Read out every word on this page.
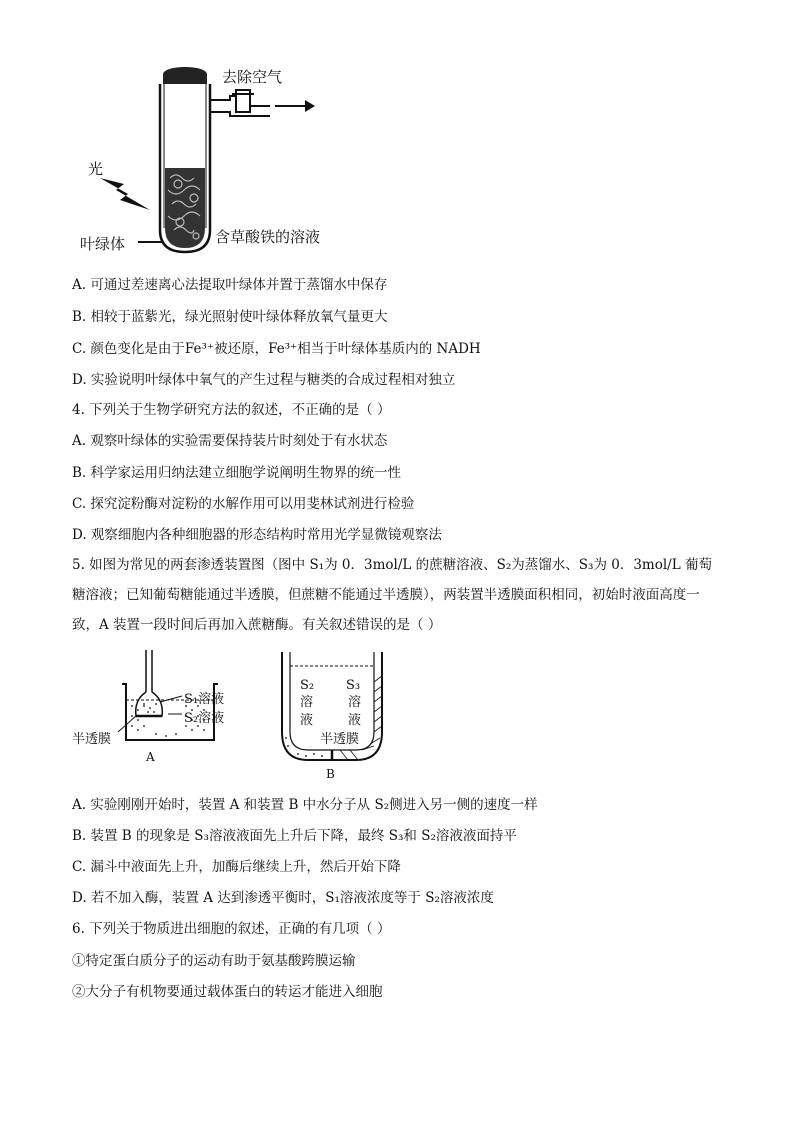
去除空气
光
叶绿体	含草酸铁的溶液
A. 可通过差速离心法提取叶绿体并置于蒸馏水中保存
B. 相较于蓝紫光，绿光照射使叶绿体释放氧气量更大
C. 颜色变化是由于Fe³⁺被还原，Fe³⁺相当于叶绿体基质内的 NADH
D. 实验说明叶绿体中氧气的产生过程与糖类的合成过程相对独立
4. 下列关于生物学研究方法的叙述，不正确的是（ ）
A. 观察叶绿体的实验需要保持装片时刻处于有水状态
B. 科学家运用归纳法建立细胞学说阐明生物界的统一性
C. 探究淀粉酶对淀粉的水解作用可以用斐林试剂进行检验
D. 观察细胞内各种细胞器的形态结构时常用光学显微镜观察法
5. 如图为常见的两套渗透装置图（图中 S₁为 0．3mol/L 的蔗糖溶液、S₂为蒸馏水、S₃为 0．3mol/L 葡萄糖溶液；已知葡萄糖能通过半透膜，但蔗糖不能通过半透膜），两装置半透膜面积相同，初始时液面高度一致，A 装置一段时间后再加入蔗糖酶。有关叙述错误的是（ ）
S₁溶液
S₂溶液
半透膜
A
S₂
溶
液
S₃
溶
液
半透膜
B
A. 实验刚刚开始时，装置 A 和装置 B 中水分子从 S₂侧进入另一侧的速度一样
B. 装置 B 的现象是 S₃溶液液面先上升后下降，最终 S₃和 S₂溶液液面持平
C. 漏斗中液面先上升，加酶后继续上升，然后开始下降
D. 若不加入酶，装置 A 达到渗透平衡时，S₁溶液浓度等于 S₂溶液浓度
6. 下列关于物质进出细胞的叙述，正确的有几项（ ）
①特定蛋白质分子的运动有助于氨基酸跨膜运输
②大分子有机物要通过载体蛋白的转运才能进入细胞
